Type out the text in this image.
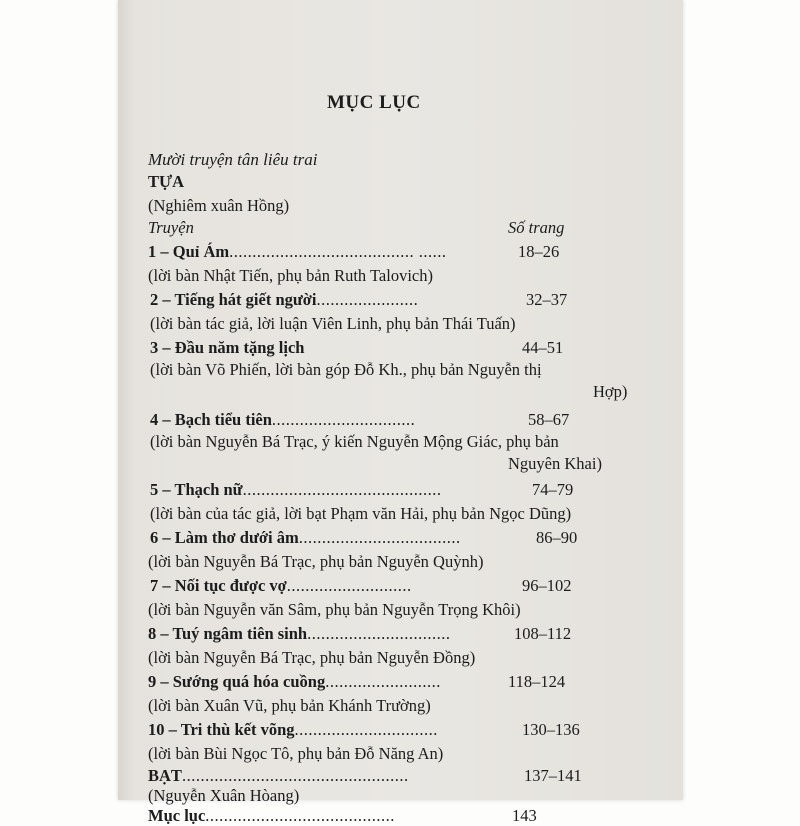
MỤC LỤC
Mười truyện tân liêu trai
TỰA
(Nghiêm xuân Hồng)
Truyện	Số trang
1 – Quỉ Ám........................................ ......	18–26
(lời bàn Nhật Tiến, phụ bản Ruth Talovich)
2 – Tiếng hát giết người......................	32–37
(lời bàn tác giả, lời luận Viên Linh, phụ bản Thái Tuấn)
3 – Đầu năm tặng lịch	44–51
(lời bàn Võ Phiến, lời bàn góp Đỗ Kh., phụ bản Nguyễn thị
Hợp)
4 – Bạch tiểu tiên...............................	58–67
(lời bàn Nguyễn Bá Trạc, ý kiến Nguyễn Mộng Giác, phụ bản
Nguyên Khai)
5 – Thạch nữ...........................................	74–79
(lời bàn của tác giả, lời bạt Phạm văn Hải, phụ bản Ngọc Dũng)
6 – Làm thơ dưới âm...................................	86–90
(lời bàn Nguyễn Bá Trạc, phụ bản Nguyễn Quỳnh)
7 – Nối tục được vợ...........................	96–102
(lời bàn Nguyễn văn Sâm, phụ bản Nguyễn Trọng Khôi)
8 – Tuý ngâm tiên sinh...............................	108–112
(lời bàn Nguyễn Bá Trạc, phụ bản Nguyễn Đồng)
9 – Sướng quá hóa cuồng.........................	118–124
(lời bàn Xuân Vũ, phụ bản Khánh Trường)
10 – Tri thù kết võng...............................	130–136
(lời bàn Bùi Ngọc Tô, phụ bản Đỗ Năng An)
BẠT.................................................	137–141
(Nguyễn Xuân Hòang)
Mục lục.........................................	143
